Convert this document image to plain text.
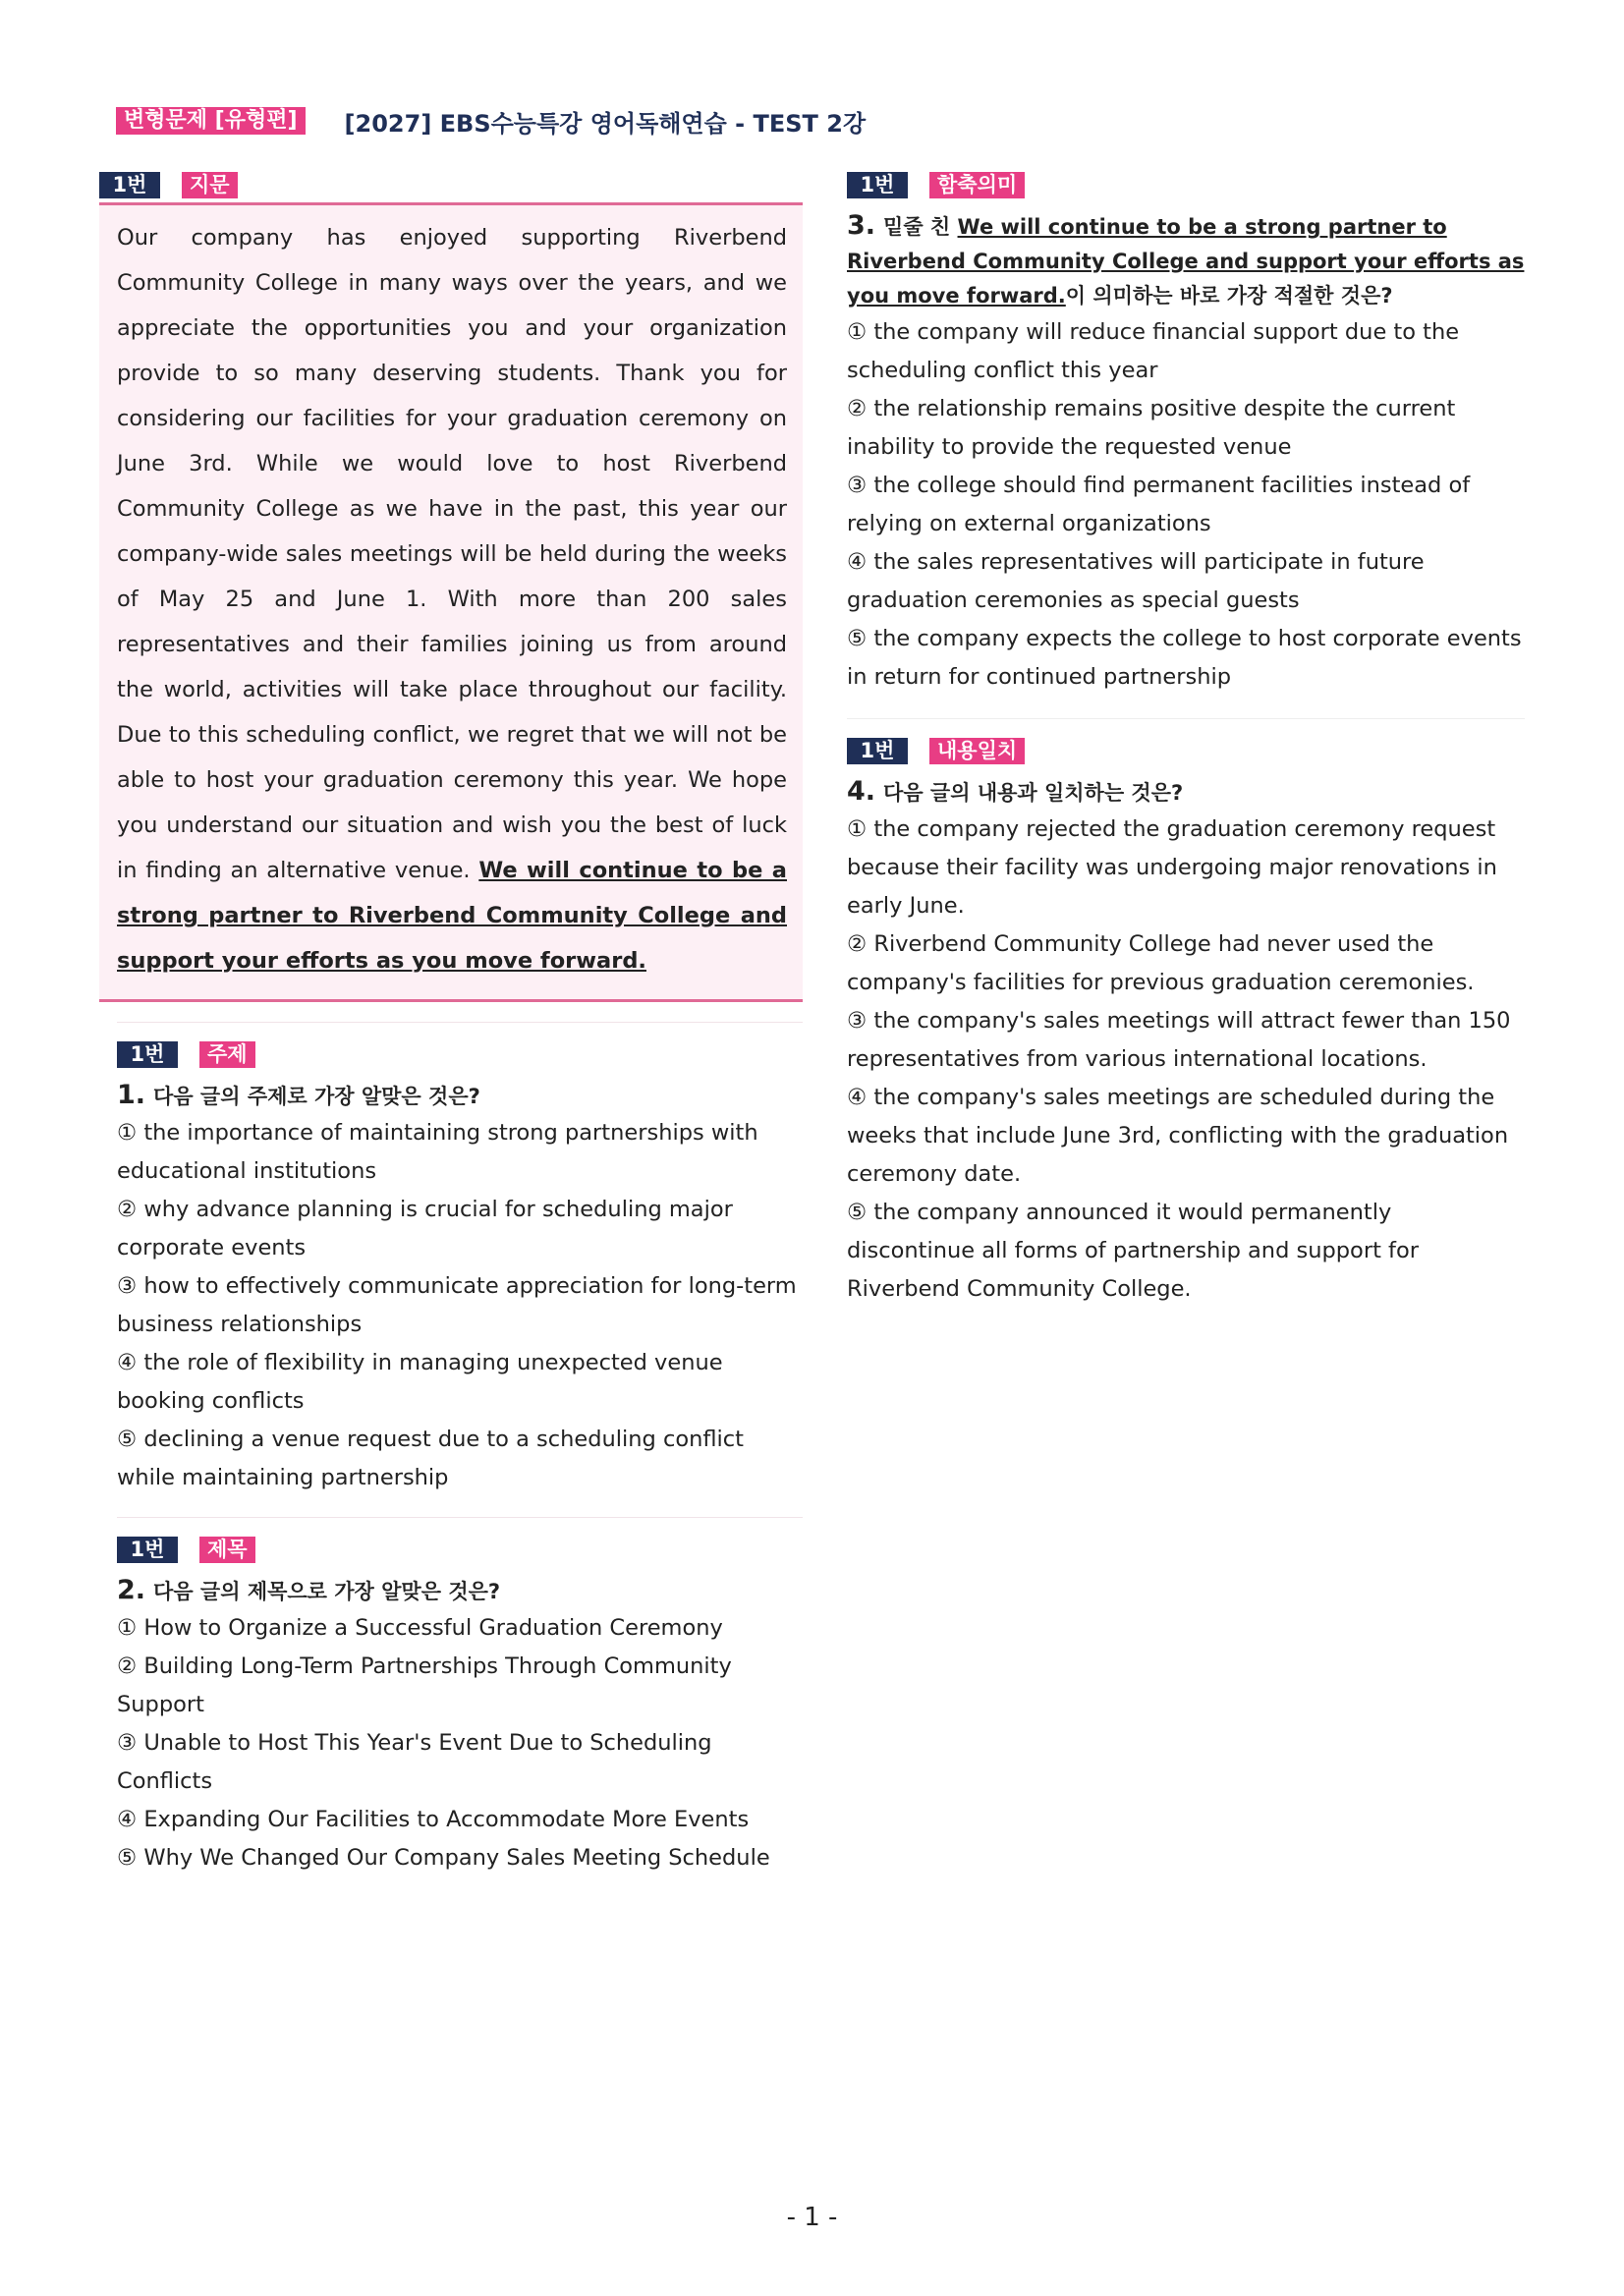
변형문제 [유형편]	[2027] EBS수능특강 영어독해연습 - TEST 2강
1번	지문

Our company has enjoyed supporting Riverbend Community College in many ways over the years, and we appreciate the opportunities you and your organization provide to so many deserving students. Thank you for considering our facilities for your graduation ceremony on June 3rd. While we would love to host Riverbend Community College as we have in the past, this year our company-wide sales meetings will be held during the weeks of May 25 and June 1. With more than 200 sales representatives and their families joining us from around the world, activities will take place throughout our facility. Due to this scheduling conflict, we regret that we will not be able to host your graduation ceremony this year. We hope you understand our situation and wish you the best of luck in finding an alternative venue. We will continue to be a strong partner to Riverbend Community College and support your efforts as you move forward.

1번	주제
1. 다음 글의 주제로 가장 알맞은 것은?
① the importance of maintaining strong partnerships with educational institutions
② why advance planning is crucial for scheduling major corporate events
③ how to effectively communicate appreciation for long-term business relationships
④ the role of flexibility in managing unexpected venue booking conflicts
⑤ declining a venue request due to a scheduling conflict while maintaining partnership
1번	제목
2. 다음 글의 제목으로 가장 알맞은 것은?
① How to Organize a Successful Graduation Ceremony
② Building Long-Term Partnerships Through Community Support
③ Unable to Host This Year's Event Due to Scheduling Conflicts
④ Expanding Our Facilities to Accommodate More Events
⑤ Why We Changed Our Company Sales Meeting Schedule
1번	함축의미
3. 밑줄 친 We will continue to be a strong partner to Riverbend Community College and support your efforts as you move forward.이 의미하는 바로 가장 적절한 것은?
① the company will reduce financial support due to the scheduling conflict this year
② the relationship remains positive despite the current inability to provide the requested venue
③ the college should find permanent facilities instead of relying on external organizations
④ the sales representatives will participate in future graduation ceremonies as special guests
⑤ the company expects the college to host corporate events in return for continued partnership
1번	내용일치
4. 다음 글의 내용과 일치하는 것은?
① the company rejected the graduation ceremony request because their facility was undergoing major renovations in early June.
② Riverbend Community College had never used the company's facilities for previous graduation ceremonies.
③ the company's sales meetings will attract fewer than 150 representatives from various international locations.
④ the company's sales meetings are scheduled during the weeks that include June 3rd, conflicting with the graduation ceremony date.
⑤ the company announced it would permanently discontinue all forms of partnership and support for Riverbend Community College.
- 1 -
